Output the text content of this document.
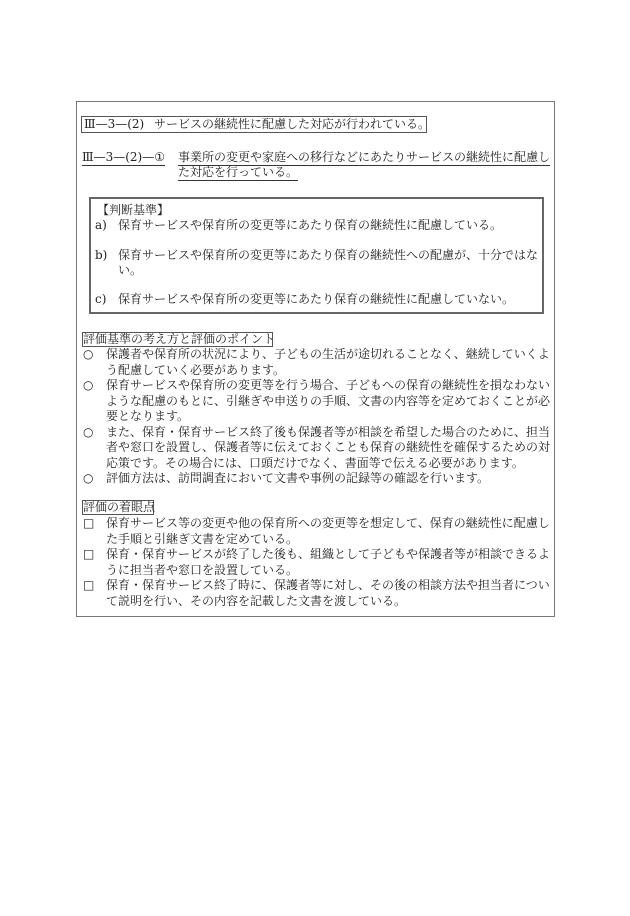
Ⅲ—3—(2) サービスの継続性に配慮した対応が行われている。
Ⅲ—3—(2)—① 事業所の変更や家庭への移行などにあたりサービスの継続性に配慮し
た対応を行っている。
【判断基準】
a) 保育サービスや保育所の変更等にあたり保育の継続性に配慮している。
b) 保育サービスや保育所の変更等にあたり保育の継続性への配慮が、十分ではな
い。
c) 保育サービスや保育所の変更等にあたり保育の継続性に配慮していない。
評価基準の考え方と評価のポイント
○ 保護者や保育所の状況により、子どもの生活が途切れることなく、継続していくよ
う配慮していく必要があります。
○ 保育サービスや保育所の変更等を行う場合、子どもへの保育の継続性を損なわない
ような配慮のもとに、引継ぎや申送りの手順、文書の内容等を定めておくことが必
要となります。
○ また、保育・保育サービス終了後も保護者等が相談を希望した場合のために、担当
者や窓口を設置し、保護者等に伝えておくことも保育の継続性を確保するための対
応策です。その場合には、口頭だけでなく、書面等で伝える必要があります。
○ 評価方法は、訪問調査において文書や事例の記録等の確認を行います。
評価の着眼点
□ 保育サービス等の変更や他の保育所への変更等を想定して、保育の継続性に配慮し
た手順と引継ぎ文書を定めている。
□ 保育・保育サービスが終了した後も、組織として子どもや保護者等が相談できるよ
うに担当者や窓口を設置している。
□ 保育・保育サービス終了時に、保護者等に対し、その後の相談方法や担当者につい
て説明を行い、その内容を記載した文書を渡している。
